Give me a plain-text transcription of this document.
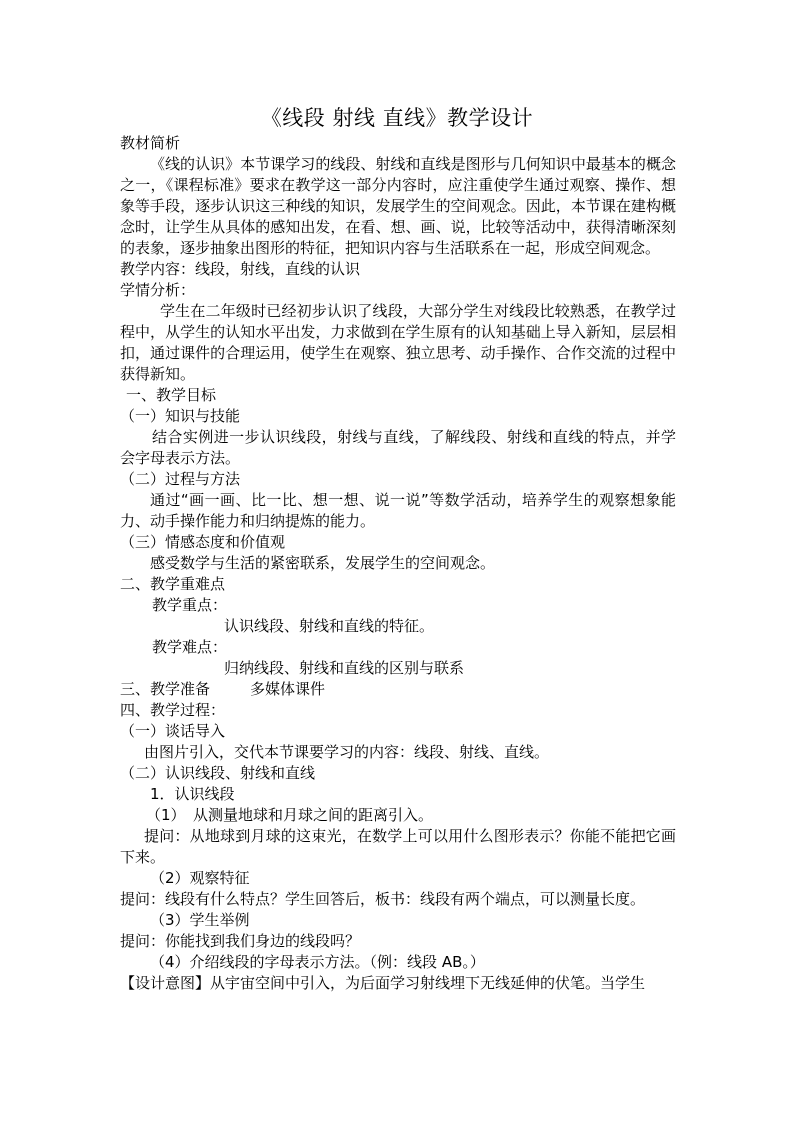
《线段 射线 直线》教学设计

教材简析

《线的认识》本节课学习的线段、射线和直线是图形与几何知识中最基本的概念之一，《课程标准》要求在教学这一部分内容时，应注重使学生通过观察、操作、想象等手段，逐步认识这三种线的知识，发展学生的空间观念。因此，本节课在建构概念时，让学生从具体的感知出发，在看、想、画、说，比较等活动中，获得清晰深刻的表象，逐步抽象出图形的特征，把知识内容与生活联系在一起，形成空间观念。

教学内容：线段，射线，直线的认识

学情分析：

学生在二年级时已经初步认识了线段，大部分学生对线段比较熟悉，在教学过程中，从学生的认知水平出发，力求做到在学生原有的认知基础上导入新知，层层相扣，通过课件的合理运用，使学生在观察、独立思考、动手操作、合作交流的过程中获得新知。

一、教学目标

（一）知识与技能

结合实例进一步认识线段，射线与直线，了解线段、射线和直线的特点，并学会字母表示方法。

（二）过程与方法

通过“画一画、比一比、想一想、说一说”等数学活动，培养学生的观察想象能力、动手操作能力和归纳提炼的能力。

（三）情感态度和价值观

感受数学与生活的紧密联系，发展学生的空间观念。

二、教学重难点

教学重点：

认识线段、射线和直线的特征。

教学难点：

归纳线段、射线和直线的区别与联系

三、教学准备	多媒体课件

四、教学过程：

（一）谈话导入

由图片引入，交代本节课要学习的内容：线段、射线、直线。

（二）认识线段、射线和直线

1．认识线段

（1）　从测量地球和月球之间的距离引入。

提问：从地球到月球的这束光，在数学上可以用什么图形表示？你能不能把它画下来。

（2）观察特征

提问：线段有什么特点？学生回答后，板书：线段有两个端点，可以测量长度。

（3）学生举例

提问：你能找到我们身边的线段吗？

（4）介绍线段的字母表示方法。（例：线段 AB。）

【设计意图】从宇宙空间中引入，为后面学习射线埋下无线延伸的伏笔。当学生
